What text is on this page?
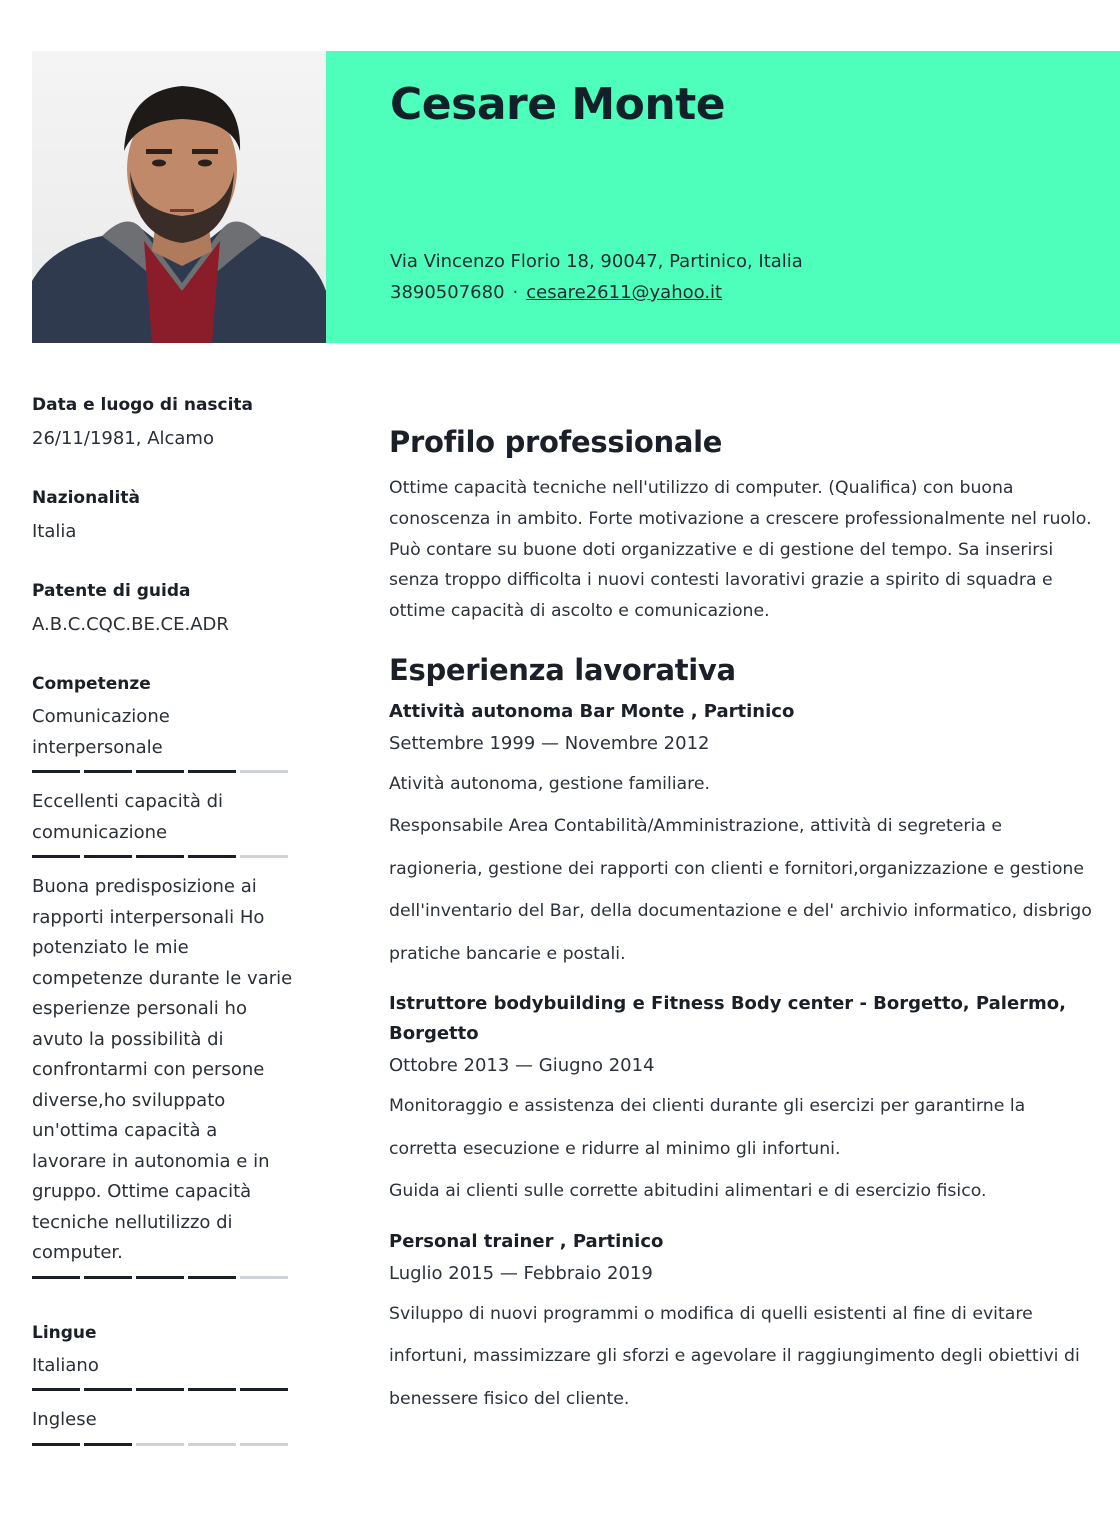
Cesare Monte
Via Vincenzo Florio 18, 90047, Partinico, Italia
3890507680 · cesare2611@yahoo.it
Data e luogo di nascita
26/11/1981, Alcamo
Nazionalità
Italia
Patente di guida
A.B.C.CQC.BE.CE.ADR
Competenze
Comunicazione interpersonale
Eccellenti capacità di comunicazione
Buona predisposizione ai rapporti interpersonali Ho potenziato le mie competenze durante le varie esperienze personali ho avuto la possibilità di confrontarmi con persone diverse,ho sviluppato un'ottima capacità a lavorare in autonomia e in gruppo. Ottime capacità tecniche nellutilizzo di computer.
Lingue
Italiano
Inglese
Profilo professionale
Ottime capacità tecniche nell'utilizzo di computer. (Qualifica) con buona
conoscenza in ambito. Forte motivazione a crescere professionalmente nel ruolo.
Può contare su buone doti organizzative e di gestione del tempo. Sa inserirsi
senza troppo difficolta i nuovi contesti lavorativi grazie a spirito di squadra e
ottime capacità di ascolto e comunicazione.
Esperienza lavorativa
Attività autonoma Bar Monte , Partinico
Settembre 1999 — Novembre 2012
Atività autonoma, gestione familiare.
Responsabile Area Contabilità/Amministrazione, attività di segreteria e
ragioneria, gestione dei rapporti con clienti e fornitori,organizzazione e gestione
dell'inventario del Bar, della documentazione e del' archivio informatico, disbrigo
pratiche bancarie e postali.
Istruttore bodybuilding e Fitness Body center - Borgetto, Palermo, Borgetto
Ottobre 2013 — Giugno 2014
Monitoraggio e assistenza dei clienti durante gli esercizi per garantirne la
corretta esecuzione e ridurre al minimo gli infortuni.
Guida ai clienti sulle corrette abitudini alimentari e di esercizio fisico.
Personal trainer , Partinico
Luglio 2015 — Febbraio 2019
Sviluppo di nuovi programmi o modifica di quelli esistenti al fine di evitare
infortuni, massimizzare gli sforzi e agevolare il raggiungimento degli obiettivi di
benessere fisico del cliente.
